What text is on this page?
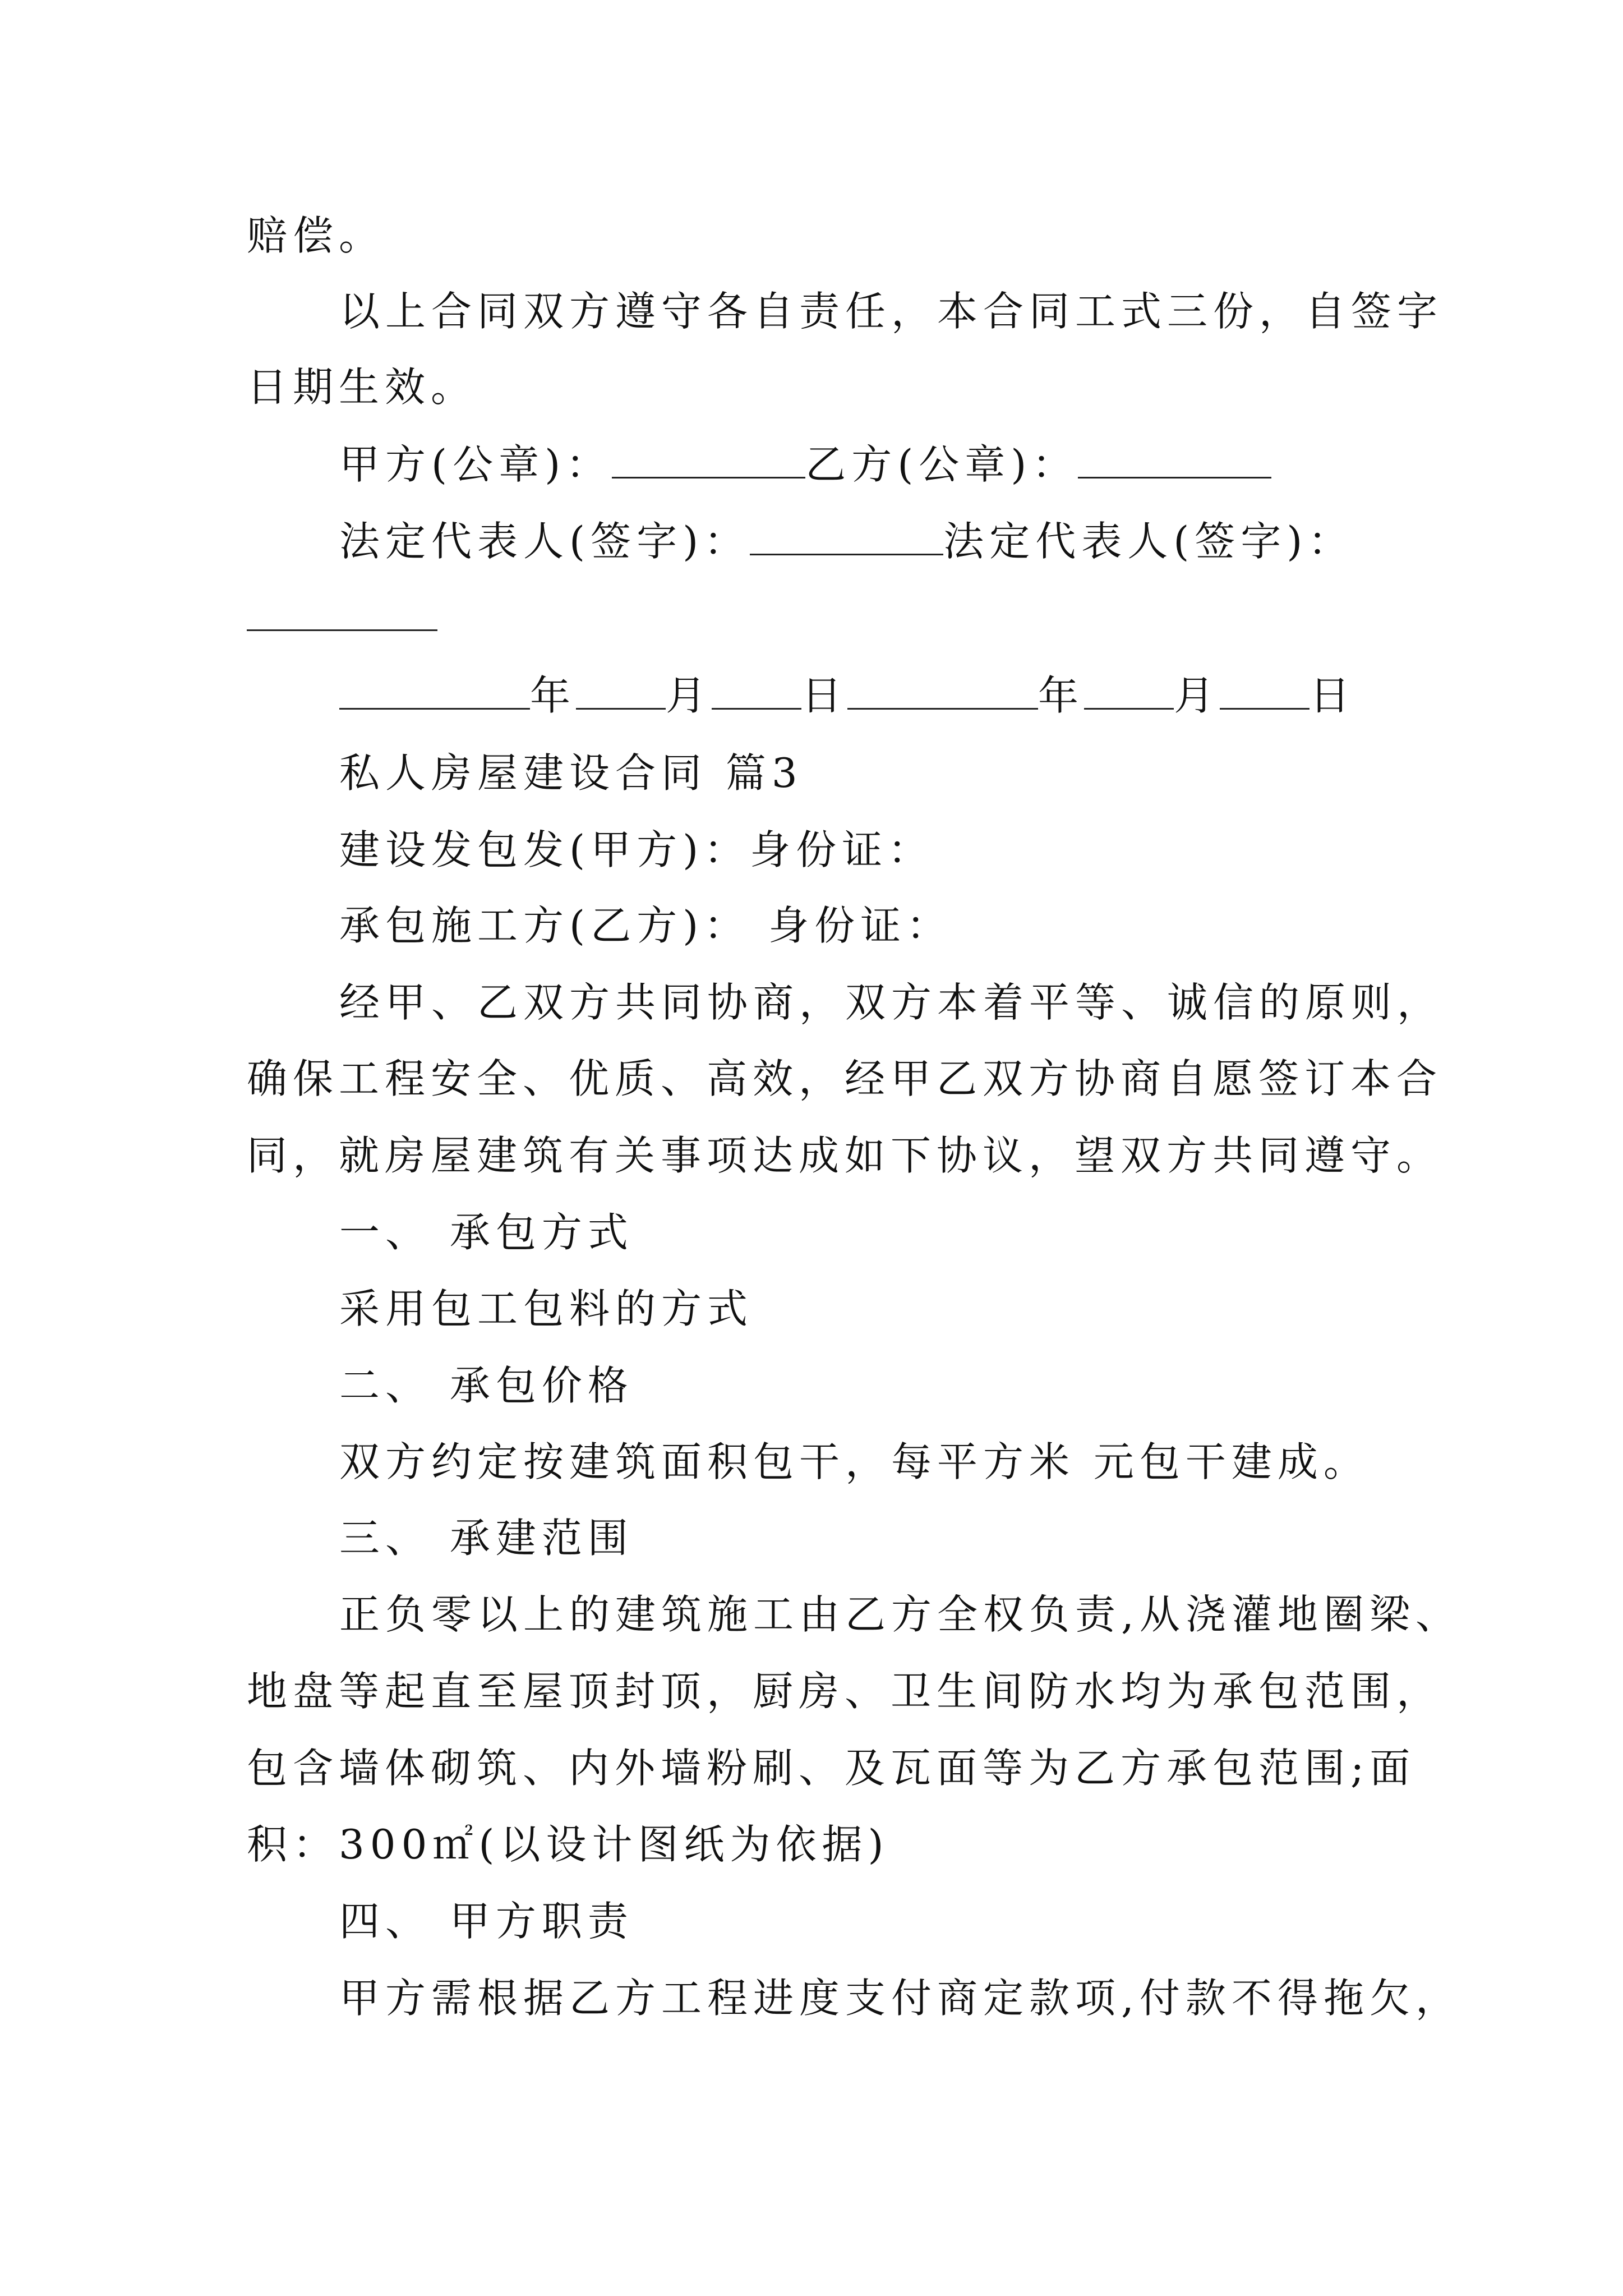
赔偿。
以上合同双方遵守各自责任，本合同工式三份，自签字
日期生效。
甲方(公章)：	乙方(公章)：
法定代表人(签字)：	法定代表人(签字)：
年 月 日	年 月 日
私人房屋建设合同 篇3
建设发包发(甲方)：身份证：
承包施工方(乙方)： 身份证：
经甲、乙双方共同协商，双方本着平等、诚信的原则，
确保工程安全、优质、高效，经甲乙双方协商自愿签订本合
同，就房屋建筑有关事项达成如下协议，望双方共同遵守。
一、 承包方式
采用包工包料的方式
二、 承包价格
双方约定按建筑面积包干，每平方米 元包干建成。
三、 承建范围
正负零以上的建筑施工由乙方全权负责,从浇灌地圈梁、
地盘等起直至屋顶封顶，厨房、卫生间防水均为承包范围，
包含墙体砌筑、内外墙粉刷、及瓦面等为乙方承包范围;面
积：300㎡(以设计图纸为依据)
四、 甲方职责
甲方需根据乙方工程进度支付商定款项,付款不得拖欠，
